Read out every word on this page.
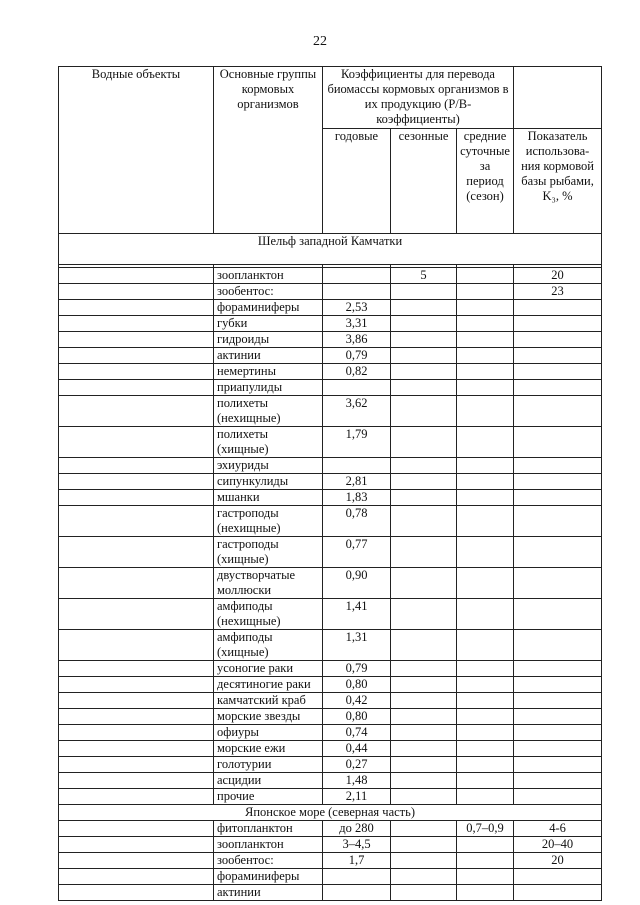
22
Водные объекты	Основные группы кормовых организмов	Коэффициенты для перевода биомассы кормовых организмов в их продукцию (Р/В-коэффициенты)			
		годовые	сезонные	средние суточные за период (сезон)	Показатель использова-ния кормовой базы рыбами, K₃, %
Шельф западной Камчатки					

	зоопланктон		5		20
	зообентос:				23
	фораминиферы	2,53			
	губки	3,31			
	гидроиды	3,86			
	актинии	0,79			
	немертины	0,82			
	приапулиды				
	полихеты (нехищные)	3,62			
	полихеты (хищные)	1,79			
	эхиуриды				
	сипункулиды	2,81			
	мшанки	1,83			
	гастроподы (нехищные)	0,78			
	гастроподы (хищные)	0,77			
	двустворчатые моллюски	0,90			
	амфиподы (нехищные)	1,41			
	амфиподы (хищные)	1,31			
	усоногие раки	0,79			
	десятиногие раки	0,80			
	камчатский краб	0,42			
	морские звезды	0,80			
	офиуры	0,74			
	морские ежи	0,44			
	голотурии	0,27			
	асцидии	1,48			
	прочие	2,11			
Японское море (северная часть)					
	фитопланктон	до 280		0,7–0,9	4-6
	зоопланктон	3–4,5			20–40
	зообентос:	1,7			20
	фораминиферы				
	актинии				
